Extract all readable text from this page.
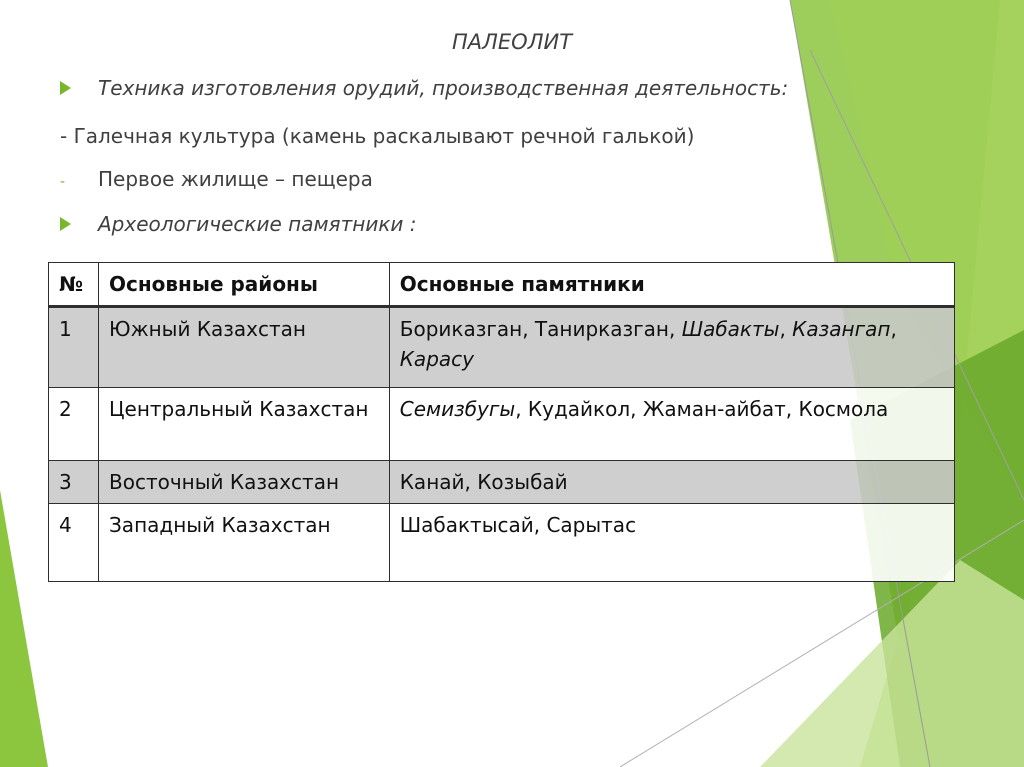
ПАЛЕОЛИТ
Техника изготовления орудий, производственная деятельность:
- Галечная культура (камень раскалывают речной галькой)
- Первое жилище – пещера
Археологические памятники :
№	Основные районы	Основные памятники
1	Южный Казахстан	Бориказган, Танирказган, Шабакты, Казангап, Карасу
2	Центральный Казахстан	Семизбугы, Кудайкол, Жаман-айбат, Космола
3	Восточный Казахстан	Канай, Козыбай
4	Западный Казахстан	Шабактысай, Сарытас
